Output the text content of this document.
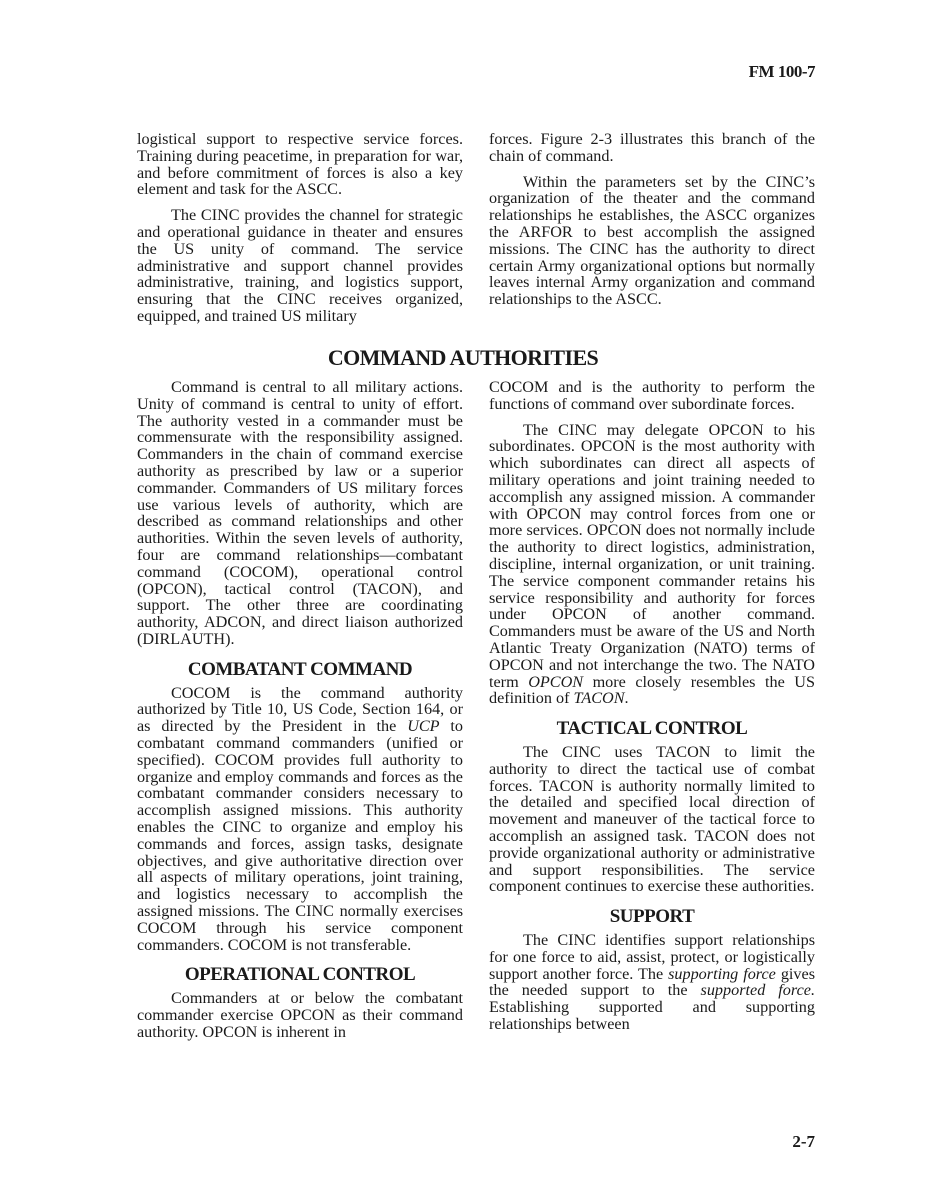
FM 100-7

logistical support to respective service forces. Training during peacetime, in preparation for war, and before commitment of forces is also a key element and task for the ASCC.

The CINC provides the channel for strategic and operational guidance in theater and ensures the US unity of command. The service administrative and support channel provides administrative, training, and logistics support, ensuring that the CINC receives organized, equipped, and trained US military

forces. Figure 2-3 illustrates this branch of the chain of command.

Within the parameters set by the CINC’s organization of the theater and the command relationships he establishes, the ASCC organizes the ARFOR to best accomplish the assigned missions. The CINC has the authority to direct certain Army organizational options but normally leaves internal Army organization and command relationships to the ASCC.

COMMAND AUTHORITIES

Command is central to all military actions. Unity of command is central to unity of effort. The authority vested in a commander must be commensurate with the responsibility assigned. Commanders in the chain of command exercise authority as prescribed by law or a superior commander. Commanders of US military forces use various levels of authority, which are described as command relationships and other authorities. Within the seven levels of authority, four are command relationships—combatant command (COCOM), operational control (OPCON), tactical control (TACON), and support. The other three are coordinating authority, ADCON, and direct liaison authorized (DIRLAUTH).

COMBATANT COMMAND

COCOM is the command authority authorized by Title 10, US Code, Section 164, or as directed by the President in the UCP to combatant command commanders (unified or specified). COCOM provides full authority to organize and employ commands and forces as the combatant commander considers necessary to accomplish assigned missions. This authority enables the CINC to organize and employ his commands and forces, assign tasks, designate objectives, and give authoritative direction over all aspects of military operations, joint training, and logistics necessary to accomplish the assigned missions. The CINC normally exercises COCOM through his service component commanders. COCOM is not transferable.

OPERATIONAL CONTROL

Commanders at or below the combatant commander exercise OPCON as their command authority. OPCON is inherent in

COCOM and is the authority to perform the functions of command over subordinate forces.

The CINC may delegate OPCON to his subordinates. OPCON is the most authority with which subordinates can direct all aspects of military operations and joint training needed to accomplish any assigned mission. A commander with OPCON may control forces from one or more services. OPCON does not normally include the authority to direct logistics, administration, discipline, internal organization, or unit training. The service component commander retains his service responsibility and authority for forces under OPCON of another command. Commanders must be aware of the US and North Atlantic Treaty Organization (NATO) terms of OPCON and not interchange the two. The NATO term OPCON more closely resembles the US definition of TACON.

TACTICAL CONTROL

The CINC uses TACON to limit the authority to direct the tactical use of combat forces. TACON is authority normally limited to the detailed and specified local direction of movement and maneuver of the tactical force to accomplish an assigned task. TACON does not provide organizational authority or administrative and support responsibilities. The service component continues to exercise these authorities.

SUPPORT

The CINC identifies support relationships for one force to aid, assist, protect, or logistically support another force. The supporting force gives the needed support to the supported force. Establishing supported and supporting relationships between

2-7
